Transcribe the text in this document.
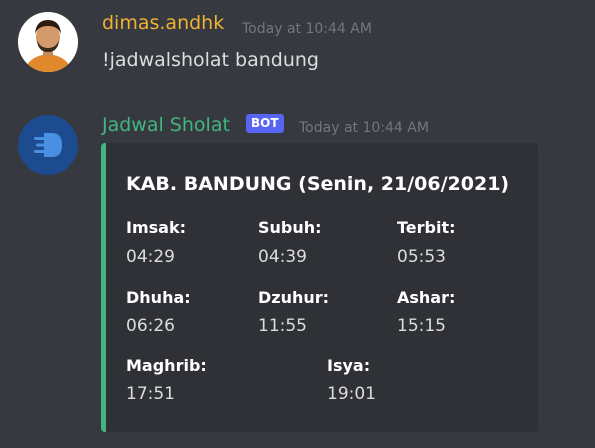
dimas.andhk Today at 10:44 AM
!jadwalsholat bandung
Jadwal Sholat	BOT	Today at 10:44 AM
KAB. BANDUNG (Senin, 21/06/2021)
Imsak:
04:29
Subuh:
04:39
Terbit:
05:53
Dhuha:
06:26
Dzuhur:
11:55
Ashar:
15:15
Maghrib:
17:51
Isya:
19:01
